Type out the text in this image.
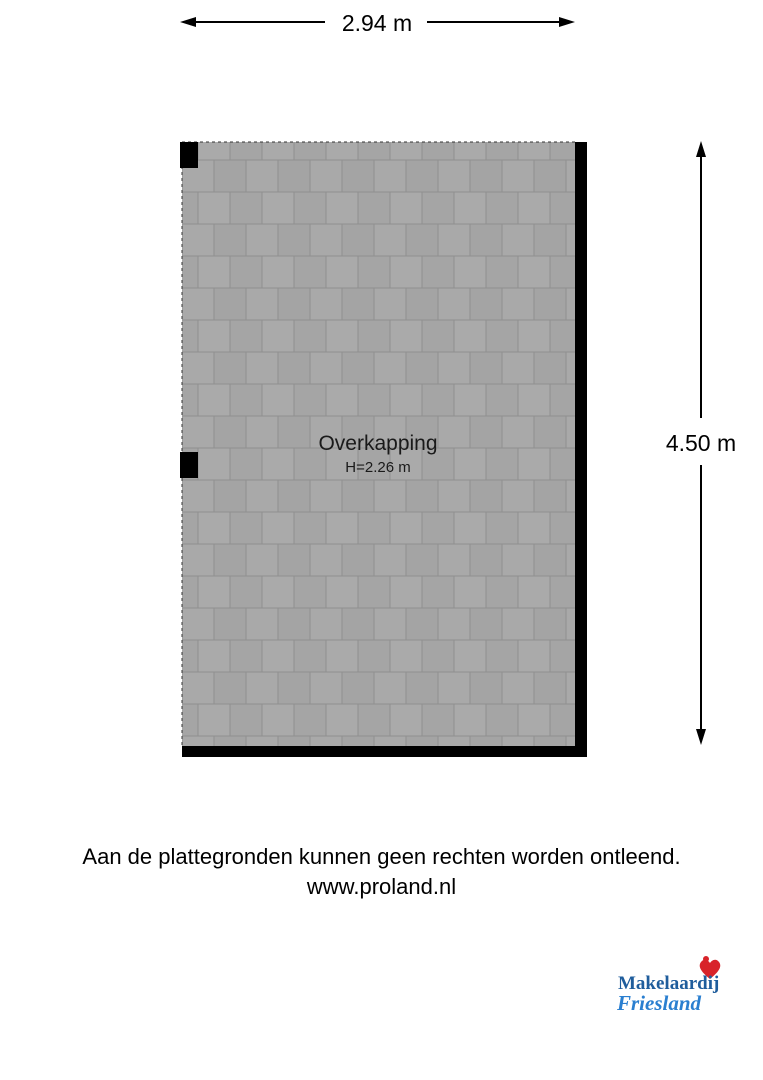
2.94 m
4.50 m
Overkapping
H=2.26 m
Aan de plattegronden kunnen geen rechten worden ontleend.
www.proland.nl
Makelaardij
Friesland
